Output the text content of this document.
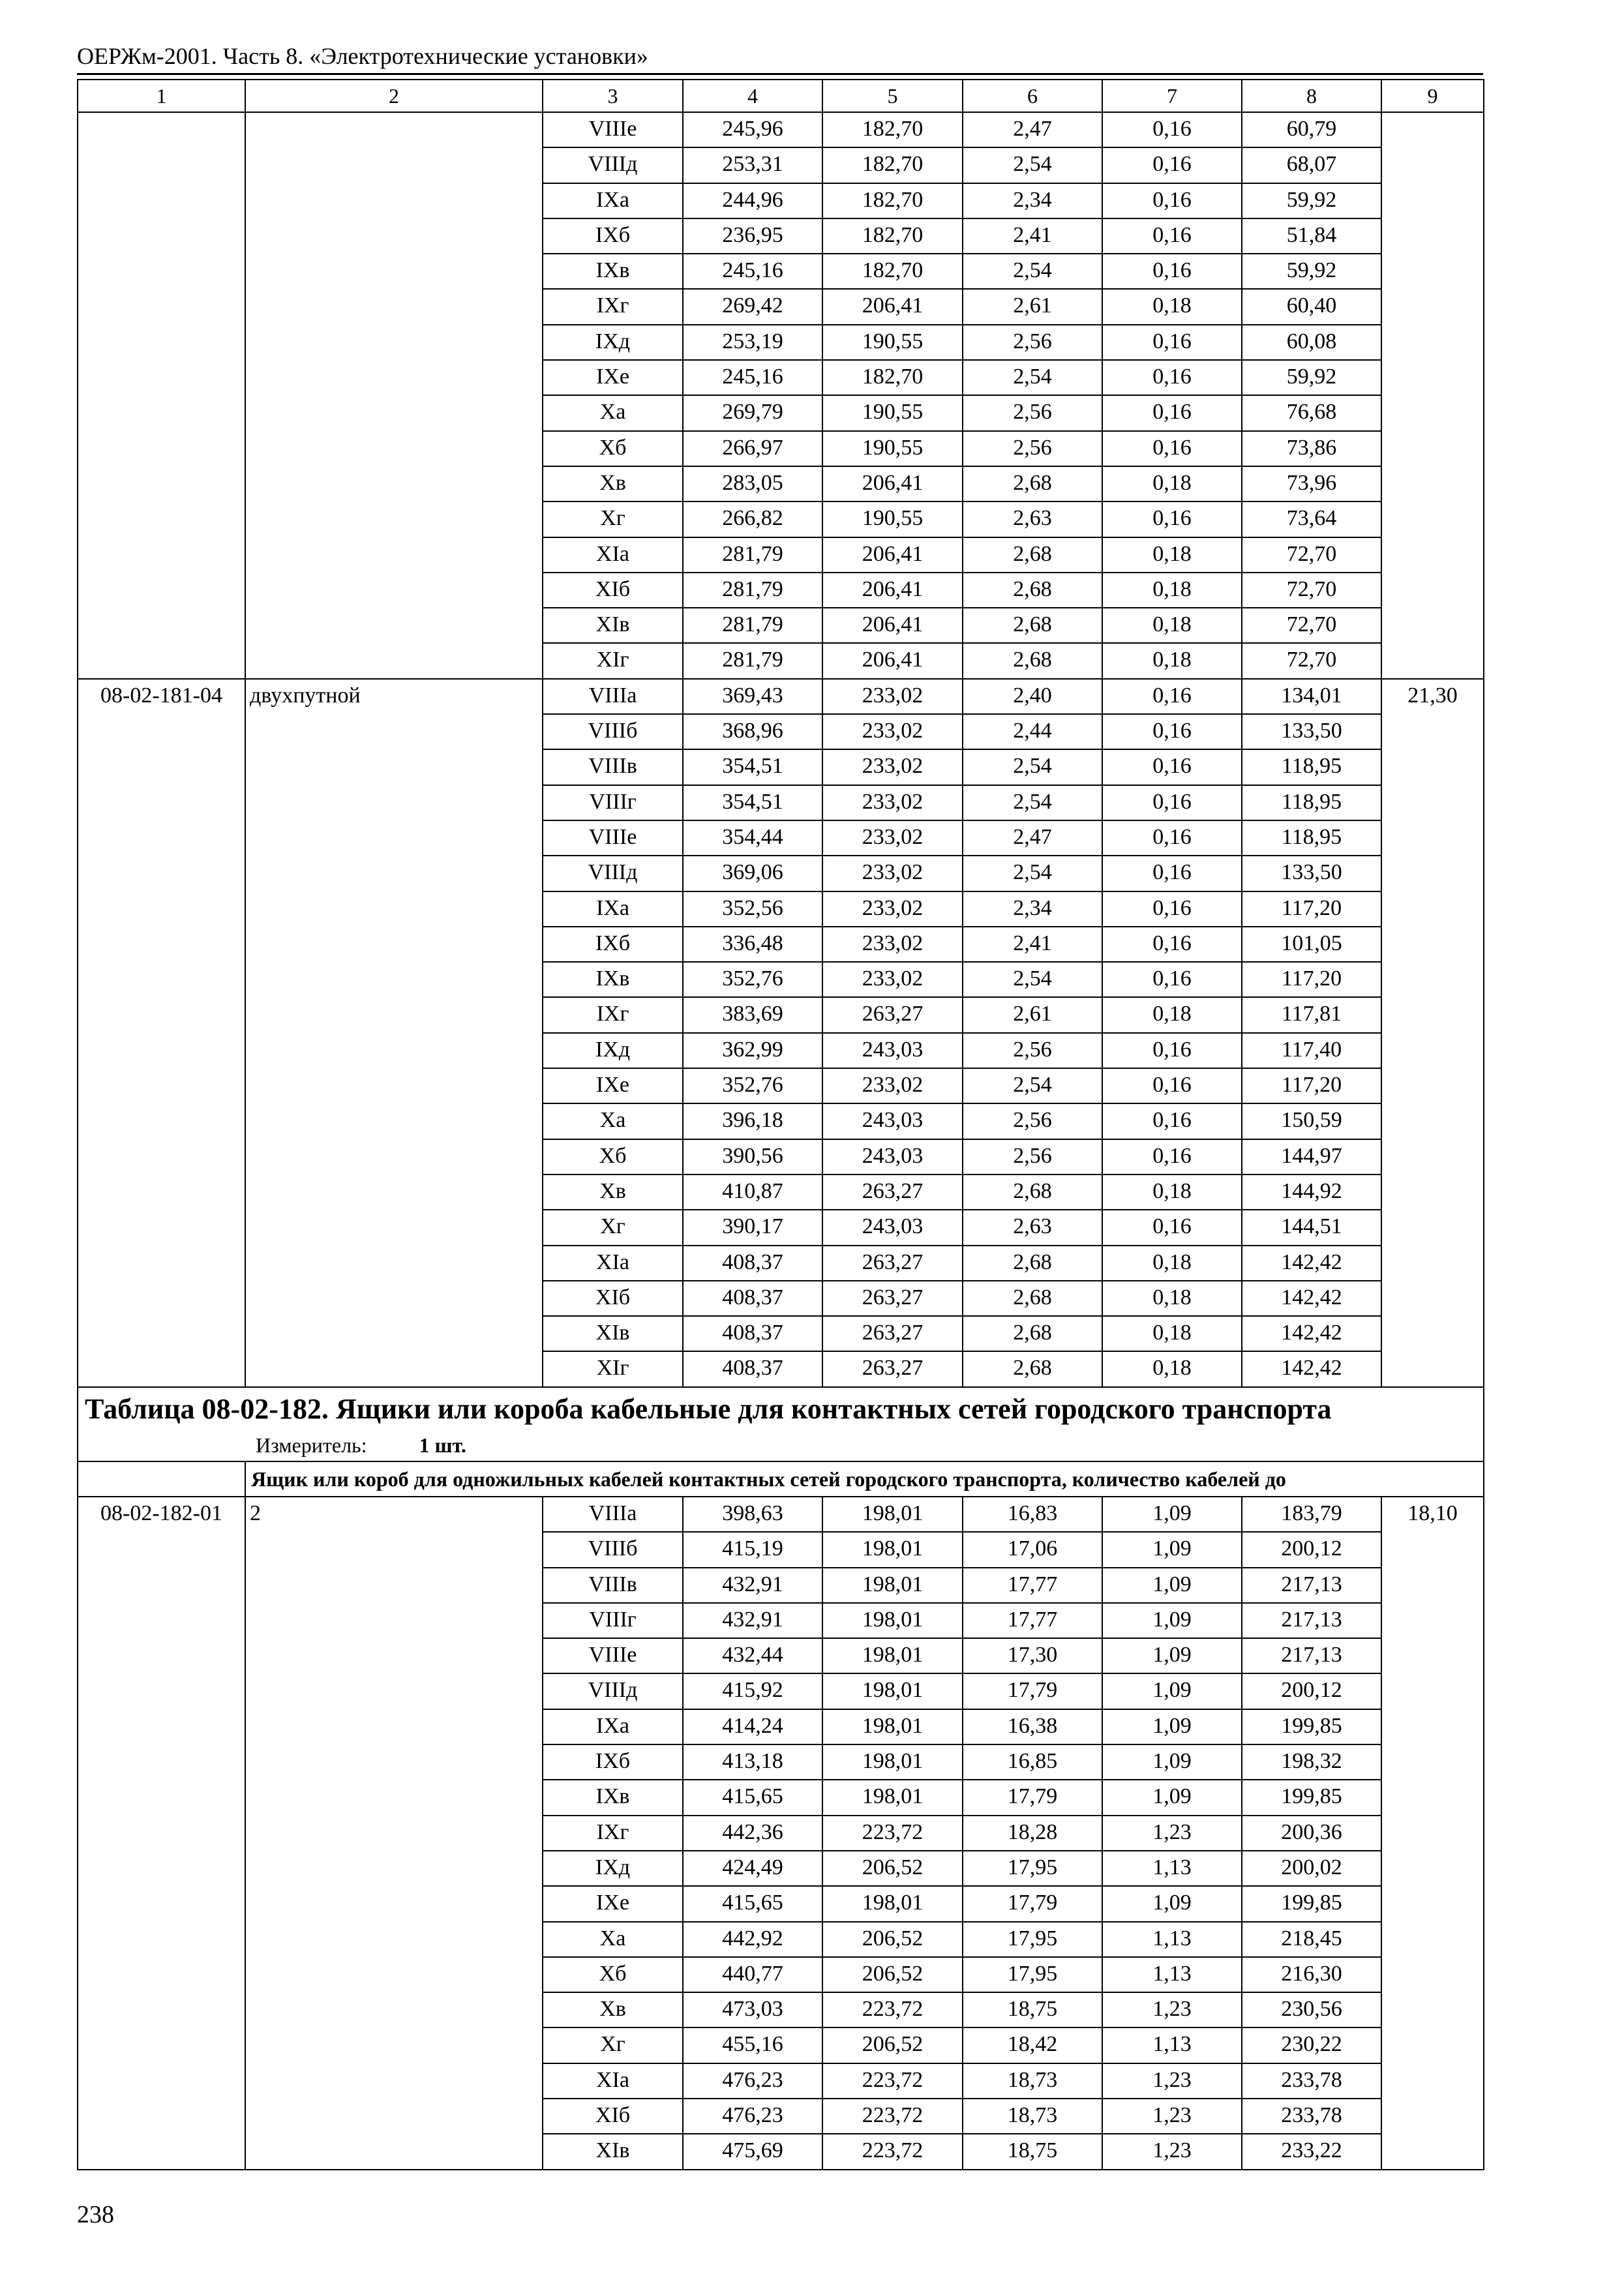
ОЕРЖм-2001. Часть 8. «Электротехнические установки»
1	2	3	4	5	6	7	8	9
		VIIIе	245,96	182,70	2,47	0,16	60,79	
		VIIIд	253,31	182,70	2,54	0,16	68,07	
		IXа	244,96	182,70	2,34	0,16	59,92	
		IXб	236,95	182,70	2,41	0,16	51,84	
		IXв	245,16	182,70	2,54	0,16	59,92	
		IXг	269,42	206,41	2,61	0,18	60,40	
		IXд	253,19	190,55	2,56	0,16	60,08	
		IXе	245,16	182,70	2,54	0,16	59,92	
		Xа	269,79	190,55	2,56	0,16	76,68	
		Xб	266,97	190,55	2,56	0,16	73,86	
		Xв	283,05	206,41	2,68	0,18	73,96	
		Xг	266,82	190,55	2,63	0,16	73,64	
		XIа	281,79	206,41	2,68	0,18	72,70	
		XIб	281,79	206,41	2,68	0,18	72,70	
		XIв	281,79	206,41	2,68	0,18	72,70	
		XIг	281,79	206,41	2,68	0,18	72,70	
08-02-181-04	двухпутной	VIIIа	369,43	233,02	2,40	0,16	134,01	21,30
		VIIIб	368,96	233,02	2,44	0,16	133,50	
		VIIIв	354,51	233,02	2,54	0,16	118,95	
		VIIIг	354,51	233,02	2,54	0,16	118,95	
		VIIIе	354,44	233,02	2,47	0,16	118,95	
		VIIIд	369,06	233,02	2,54	0,16	133,50	
		IXа	352,56	233,02	2,34	0,16	117,20	
		IXб	336,48	233,02	2,41	0,16	101,05	
		IXв	352,76	233,02	2,54	0,16	117,20	
		IXг	383,69	263,27	2,61	0,18	117,81	
		IXд	362,99	243,03	2,56	0,16	117,40	
		IXе	352,76	233,02	2,54	0,16	117,20	
		Xа	396,18	243,03	2,56	0,16	150,59	
		Xб	390,56	243,03	2,56	0,16	144,97	
		Xв	410,87	263,27	2,68	0,18	144,92	
		Xг	390,17	243,03	2,63	0,16	144,51	
		XIа	408,37	263,27	2,68	0,18	142,42	
		XIб	408,37	263,27	2,68	0,18	142,42	
		XIв	408,37	263,27	2,68	0,18	142,42	
		XIг	408,37	263,27	2,68	0,18	142,42	

Таблица 08-02-182. Ящики или короба кабельные для контактных сетей городского транспорта
Измеритель: 1 шт.								

	Ящик или короб для одножильных кабелей контактных сетей городского транспорта, количество кабелей до							
08-02-182-01	2	VIIIа	398,63	198,01	16,83	1,09	183,79	18,10
		VIIIб	415,19	198,01	17,06	1,09	200,12	
		VIIIв	432,91	198,01	17,77	1,09	217,13	
		VIIIг	432,91	198,01	17,77	1,09	217,13	
		VIIIе	432,44	198,01	17,30	1,09	217,13	
		VIIIд	415,92	198,01	17,79	1,09	200,12	
		IXа	414,24	198,01	16,38	1,09	199,85	
		IXб	413,18	198,01	16,85	1,09	198,32	
		IXв	415,65	198,01	17,79	1,09	199,85	
		IXг	442,36	223,72	18,28	1,23	200,36	
		IXд	424,49	206,52	17,95	1,13	200,02	
		IXе	415,65	198,01	17,79	1,09	199,85	
		Xа	442,92	206,52	17,95	1,13	218,45	
		Xб	440,77	206,52	17,95	1,13	216,30	
		Xв	473,03	223,72	18,75	1,23	230,56	
		Xг	455,16	206,52	18,42	1,13	230,22	
		XIа	476,23	223,72	18,73	1,23	233,78	
		XIб	476,23	223,72	18,73	1,23	233,78	
		XIв	475,69	223,72	18,75	1,23	233,22	
238
